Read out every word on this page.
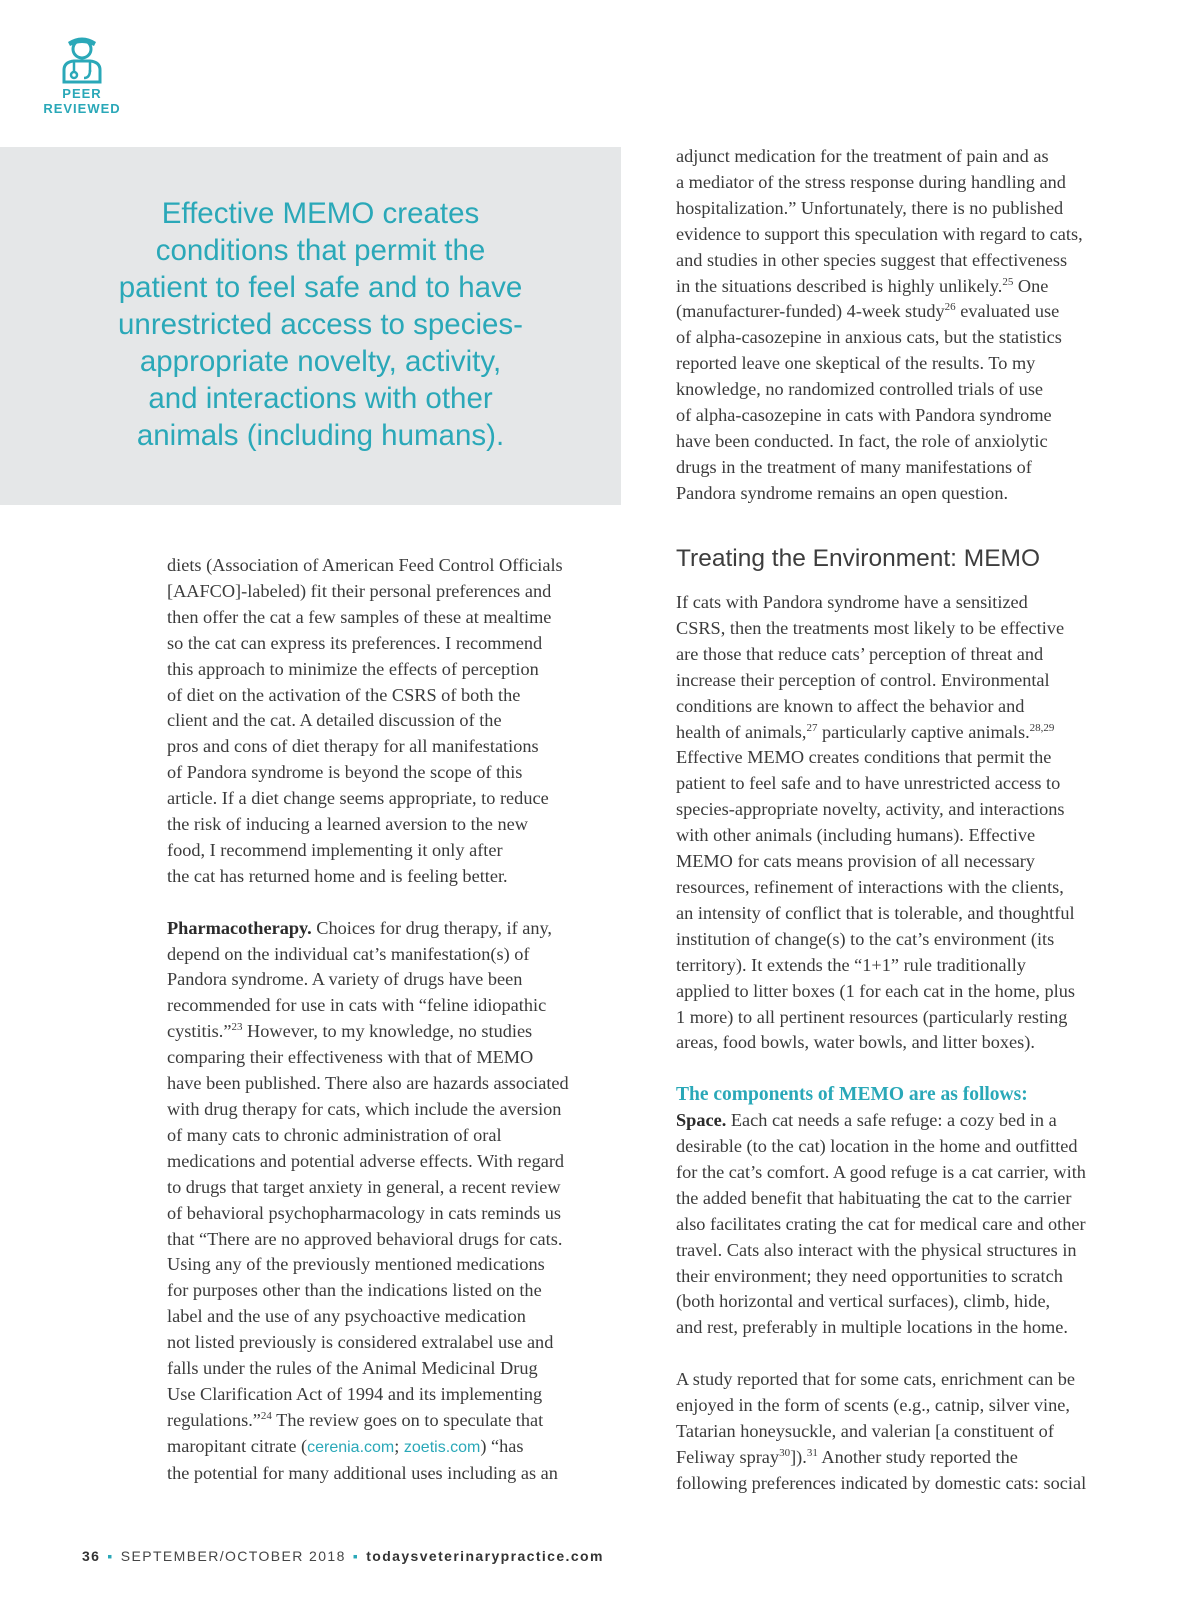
PEER
REVIEWED
Effective MEMO creates
conditions that permit the
patient to feel safe and to have
unrestricted access to species-
appropriate novelty, activity,
and interactions with other
animals (including humans).
adjunct medication for the treatment of pain and as
a mediator of the stress response during handling and
hospitalization.” Unfortunately, there is no published
evidence to support this speculation with regard to cats,
and studies in other species suggest that effectiveness
in the situations described is highly unlikely.$^{25}$ One
(manufacturer-funded) 4-week study$^{26}$ evaluated use
of alpha-casozepine in anxious cats, but the statistics
reported leave one skeptical of the results. To my
knowledge, no randomized controlled trials of use
of alpha-casozepine in cats with Pandora syndrome
have been conducted. In fact, the role of anxiolytic
drugs in the treatment of many manifestations of
Pandora syndrome remains an open question.
Treating the Environment: MEMO
diets (Association of American Feed Control Officials
[AAFCO]-labeled) fit their personal preferences and
then offer the cat a few samples of these at mealtime
so the cat can express its preferences. I recommend
this approach to minimize the effects of perception
of diet on the activation of the CSRS of both the
client and the cat. A detailed discussion of the
pros and cons of diet therapy for all manifestations
of Pandora syndrome is beyond the scope of this
article. If a diet change seems appropriate, to reduce
the risk of inducing a learned aversion to the new
food, I recommend implementing it only after
the cat has returned home and is feeling better.
Pharmacotherapy. Choices for drug therapy, if any,
depend on the individual cat’s manifestation(s) of
Pandora syndrome. A variety of drugs have been
recommended for use in cats with “feline idiopathic
cystitis.”$^{23}$ However, to my knowledge, no studies
comparing their effectiveness with that of MEMO
have been published. There also are hazards associated
with drug therapy for cats, which include the aversion
of many cats to chronic administration of oral
medications and potential adverse effects. With regard
to drugs that target anxiety in general, a recent review
of behavioral psychopharmacology in cats reminds us
that “There are no approved behavioral drugs for cats.
Using any of the previously mentioned medications
for purposes other than the indications listed on the
label and the use of any psychoactive medication
not listed previously is considered extralabel use and
falls under the rules of the Animal Medicinal Drug
Use Clarification Act of 1994 and its implementing
regulations.”$^{24}$ The review goes on to speculate that
maropitant citrate (cerenia.com; zoetis.com) “has
the potential for many additional uses including as an
If cats with Pandora syndrome have a sensitized
CSRS, then the treatments most likely to be effective
are those that reduce cats’ perception of threat and
increase their perception of control. Environmental
conditions are known to affect the behavior and
health of animals,$^{27}$ particularly captive animals.$^{28,29}$
Effective MEMO creates conditions that permit the
patient to feel safe and to have unrestricted access to
species-appropriate novelty, activity, and interactions
with other animals (including humans). Effective
MEMO for cats means provision of all necessary
resources, refinement of interactions with the clients,
an intensity of conflict that is tolerable, and thoughtful
institution of change(s) to the cat’s environment (its
territory). It extends the “1+1” rule traditionally
applied to litter boxes (1 for each cat in the home, plus
1 more) to all pertinent resources (particularly resting
areas, food bowls, water bowls, and litter boxes).
The components of MEMO are as follows:
Space. Each cat needs a safe refuge: a cozy bed in a
desirable (to the cat) location in the home and outfitted
for the cat’s comfort. A good refuge is a cat carrier, with
the added benefit that habituating the cat to the carrier
also facilitates crating the cat for medical care and other
travel. Cats also interact with the physical structures in
their environment; they need opportunities to scratch
(both horizontal and vertical surfaces), climb, hide,
and rest, preferably in multiple locations in the home.
A study reported that for some cats, enrichment can be
enjoyed in the form of scents (e.g., catnip, silver vine,
Tatarian honeysuckle, and valerian [a constituent of
Feliway spray$^{30}$]).$^{31}$ Another study reported the
following preferences indicated by domestic cats: social
36 ▪ SEPTEMBER/OCTOBER 2018 ▪ todaysveterinarypractice.com
